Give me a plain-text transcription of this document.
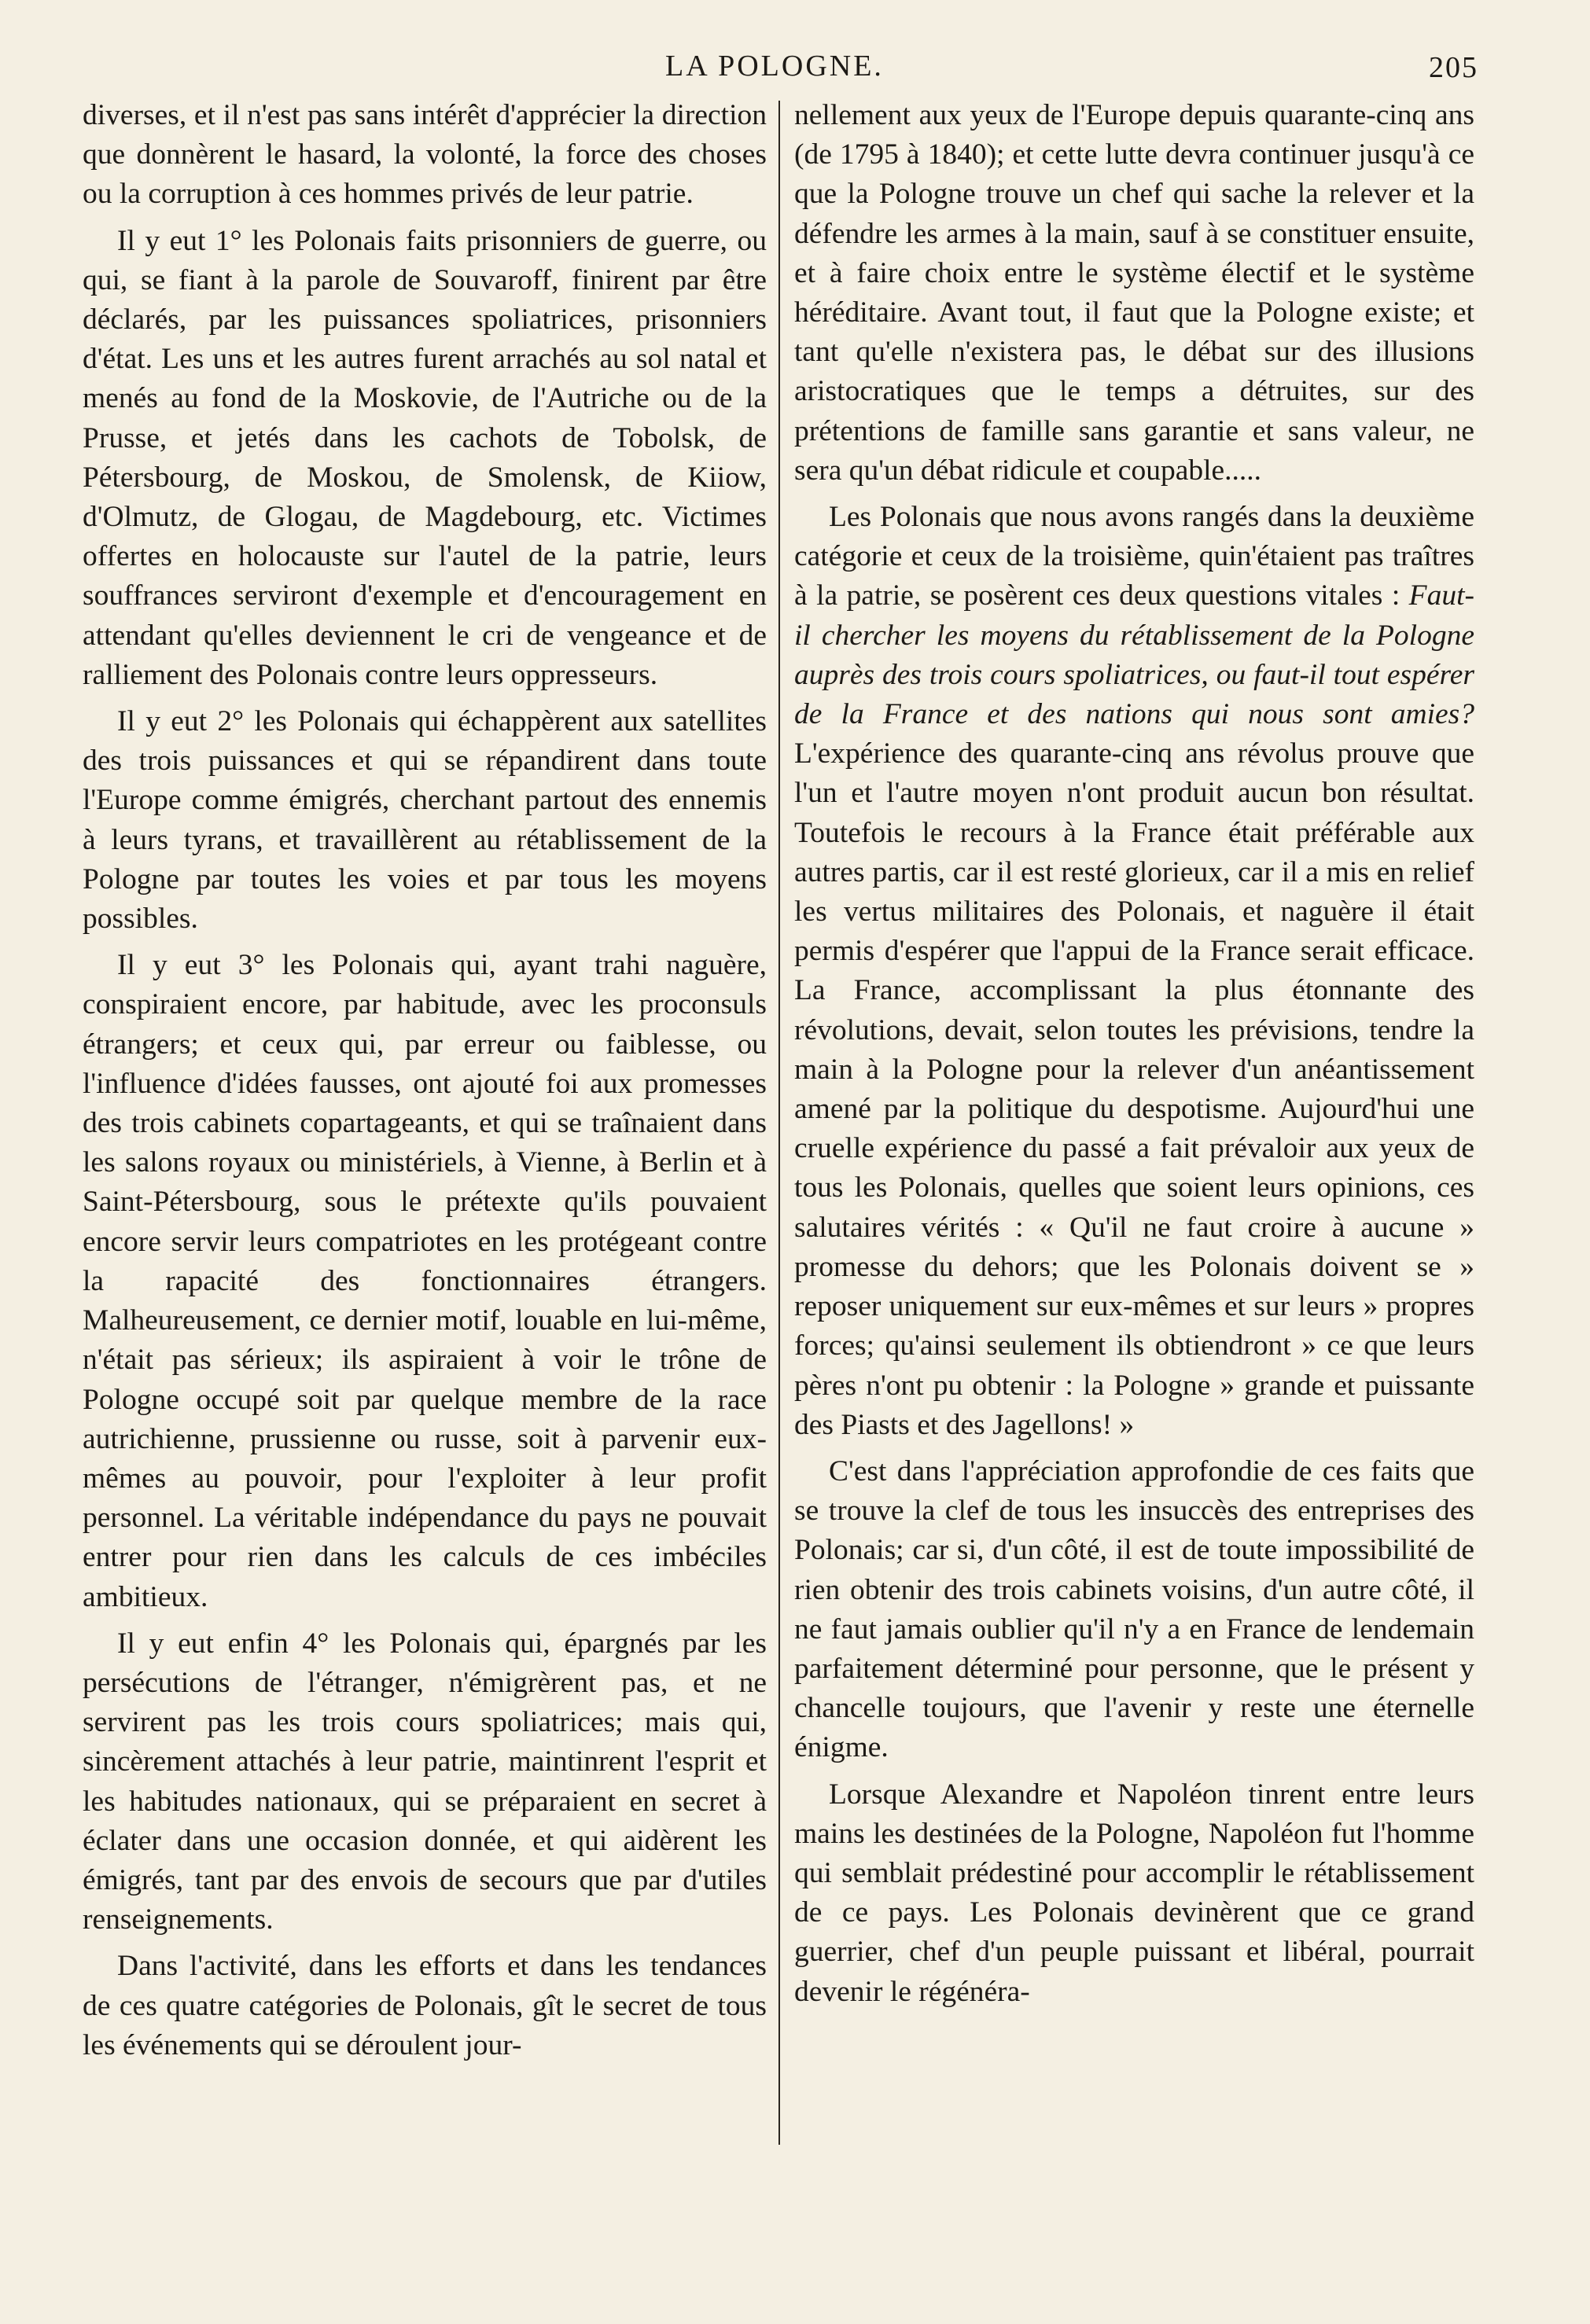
LA POLOGNE.	205

diverses, et il n'est pas sans intérêt d'apprécier la direction que donnèrent le hasard, la volonté, la force des choses ou la corruption à ces hommes privés de leur patrie.

Il y eut 1° les Polonais faits prisonniers de guerre, ou qui, se fiant à la parole de Souvaroff, finirent par être déclarés, par les puissances spoliatrices, prisonniers d'état. Les uns et les autres furent arrachés au sol natal et menés au fond de la Moskovie, de l'Autriche ou de la Prusse, et jetés dans les cachots de Tobolsk, de Pétersbourg, de Moskou, de Smolensk, de Kiiow, d'Olmutz, de Glogau, de Magdebourg, etc. Victimes offertes en holocauste sur l'autel de la patrie, leurs souffrances serviront d'exemple et d'encouragement en attendant qu'elles deviennent le cri de vengeance et de ralliement des Polonais contre leurs oppresseurs.

Il y eut 2° les Polonais qui échappèrent aux satellites des trois puissances et qui se répandirent dans toute l'Europe comme émigrés, cherchant partout des ennemis à leurs tyrans, et travaillèrent au rétablissement de la Pologne par toutes les voies et par tous les moyens possibles.

Il y eut 3° les Polonais qui, ayant trahi naguère, conspiraient encore, par habitude, avec les proconsuls étrangers; et ceux qui, par erreur ou faiblesse, ou l'influence d'idées fausses, ont ajouté foi aux promesses des trois cabinets copartageants, et qui se traînaient dans les salons royaux ou ministériels, à Vienne, à Berlin et à Saint-Pétersbourg, sous le prétexte qu'ils pouvaient encore servir leurs compatriotes en les protégeant contre la rapacité des fonctionnaires étrangers. Malheureusement, ce dernier motif, louable en lui-même, n'était pas sérieux; ils aspiraient à voir le trône de Pologne occupé soit par quelque membre de la race autrichienne, prussienne ou russe, soit à parvenir eux-mêmes au pouvoir, pour l'exploiter à leur profit personnel. La véritable indépendance du pays ne pouvait entrer pour rien dans les calculs de ces imbéciles ambitieux.

Il y eut enfin 4° les Polonais qui, épargnés par les persécutions de l'étranger, n'émigrèrent pas, et ne servirent pas les trois cours spoliatrices; mais qui, sincèrement attachés à leur patrie, maintinrent l'esprit et les habitudes nationaux, qui se préparaient en secret à éclater dans une occasion donnée, et qui aidèrent les émigrés, tant par des envois de secours que par d'utiles renseignements.

Dans l'activité, dans les efforts et dans les tendances de ces quatre catégories de Polonais, gît le secret de tous les événements qui se déroulent jour-

nellement aux yeux de l'Europe depuis quarante-cinq ans (de 1795 à 1840); et cette lutte devra continuer jusqu'à ce que la Pologne trouve un chef qui sache la relever et la défendre les armes à la main, sauf à se constituer ensuite, et à faire choix entre le système électif et le système héréditaire. Avant tout, il faut que la Pologne existe; et tant qu'elle n'existera pas, le débat sur des illusions aristocratiques que le temps a détruites, sur des prétentions de famille sans garantie et sans valeur, ne sera qu'un débat ridicule et coupable.....

Les Polonais que nous avons rangés dans la deuxième catégorie et ceux de la troisième, quin'étaient pas traîtres à la patrie, se posèrent ces deux questions vitales : Faut-il chercher les moyens du rétablissement de la Pologne auprès des trois cours spoliatrices, ou faut-il tout espérer de la France et des nations qui nous sont amies? L'expérience des quarante-cinq ans révolus prouve que l'un et l'autre moyen n'ont produit aucun bon résultat. Toutefois le recours à la France était préférable aux autres partis, car il est resté glorieux, car il a mis en relief les vertus militaires des Polonais, et naguère il était permis d'espérer que l'appui de la France serait efficace. La France, accomplissant la plus étonnante des révolutions, devait, selon toutes les prévisions, tendre la main à la Pologne pour la relever d'un anéantissement amené par la politique du despotisme. Aujourd'hui une cruelle expérience du passé a fait prévaloir aux yeux de tous les Polonais, quelles que soient leurs opinions, ces salutaires vérités : « Qu'il ne faut croire à aucune » promesse du dehors; que les Polonais doivent se » reposer uniquement sur eux-mêmes et sur leurs » propres forces; qu'ainsi seulement ils obtiendront » ce que leurs pères n'ont pu obtenir : la Pologne » grande et puissante des Piasts et des Jagellons! »

C'est dans l'appréciation approfondie de ces faits que se trouve la clef de tous les insuccès des entreprises des Polonais; car si, d'un côté, il est de toute impossibilité de rien obtenir des trois cabinets voisins, d'un autre côté, il ne faut jamais oublier qu'il n'y a en France de lendemain parfaitement déterminé pour personne, que le présent y chancelle toujours, que l'avenir y reste une éternelle énigme.

Lorsque Alexandre et Napoléon tinrent entre leurs mains les destinées de la Pologne, Napoléon fut l'homme qui semblait prédestiné pour accomplir le rétablissement de ce pays. Les Polonais devinèrent que ce grand guerrier, chef d'un peuple puissant et libéral, pourrait devenir le régénéra-
